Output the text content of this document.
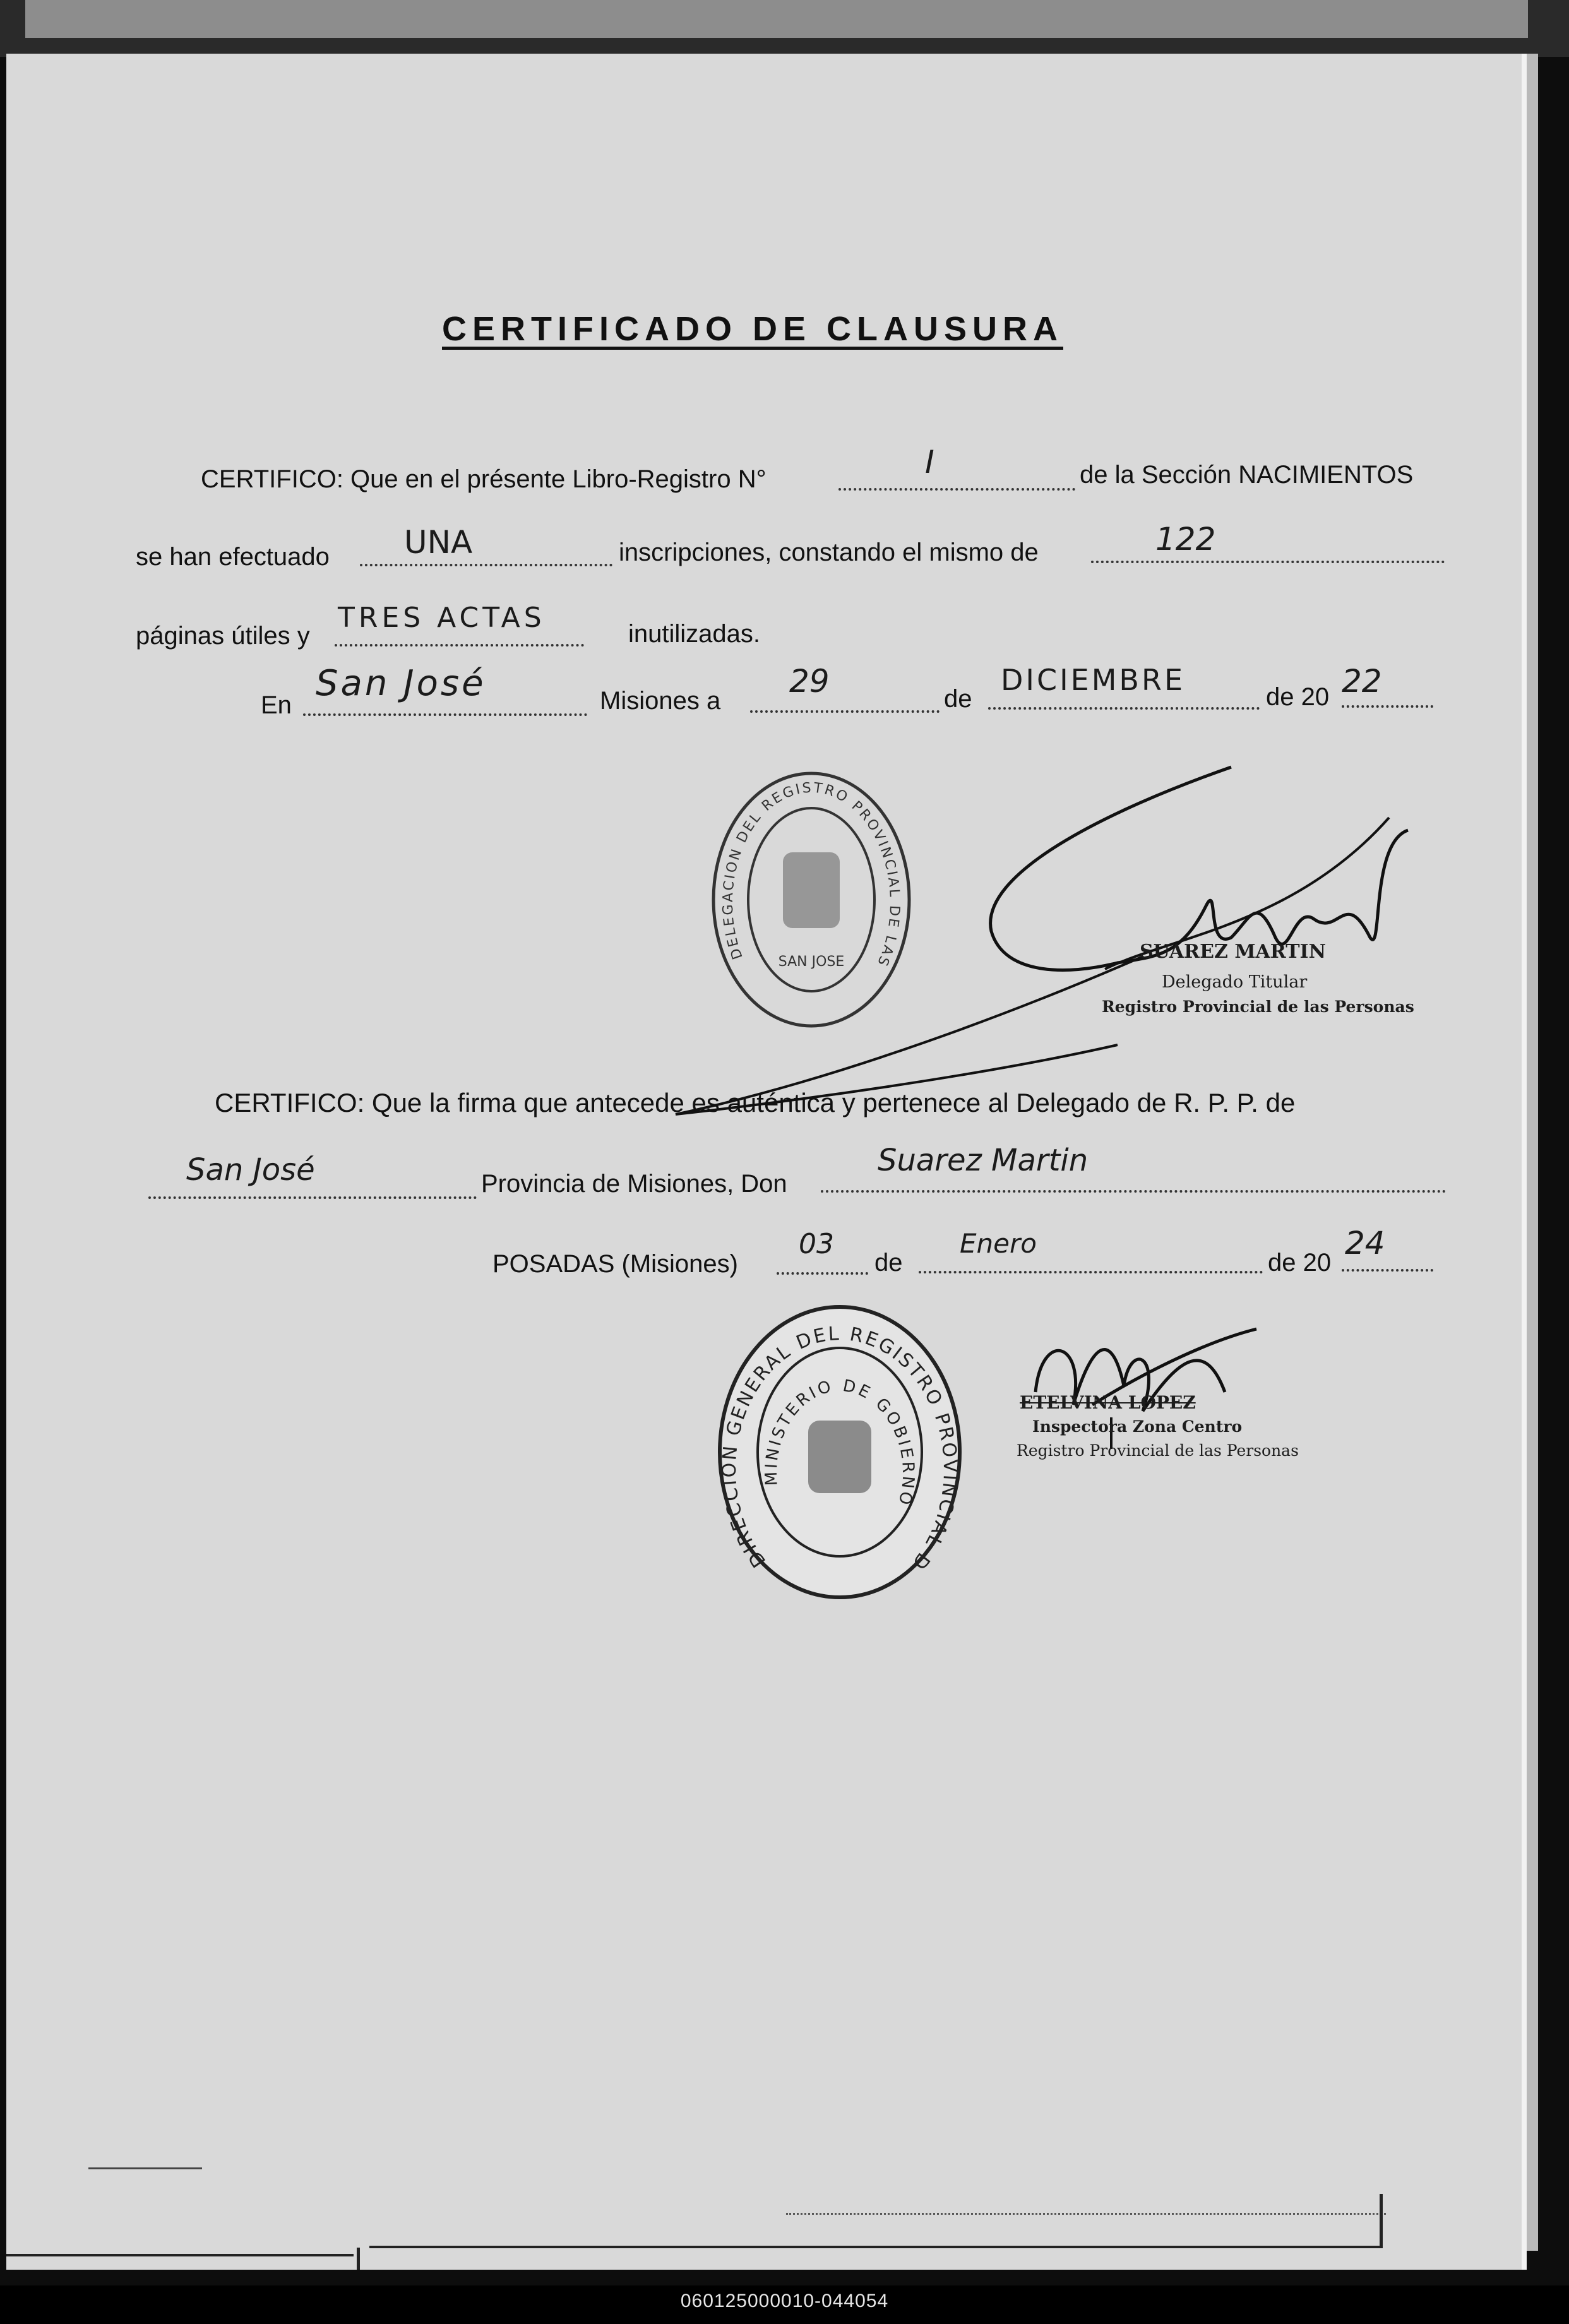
CERTIFICADO DE CLAUSURA
CERTIFICO: Que en el présente Libro-Registro N°	I	de la Sección NACIMIENTOS
se han efectuado UNA	inscripciones, constando el mismo de	122
páginas útiles y
TRES ACTAS	inutilizadas.
En
San José	Misiones a
29	de
DICIEMBRE	de 20 22
DELEGACION DEL REGISTRO PROVINCIAL DE LAS PERSONAS
SAN JOSE	SUAREZ MARTIN
Delegado Titular
Registro Provincial de las Personas
CERTIFICO: Que la firma que antecede es auténtica y pertenece al Delegado de R. P. P. de
San José	Provincia de Misiones, Don
Suarez Martin
POSADAS (Misiones)
03
de
Enero
de 20
24
DIRECCION GENERAL DEL REGISTRO PROVINCIAL DE LAS PERSONAS
MINISTERIO DE GOBIERNO
ETELVINA LOPEZ
Inspectora Zona Centro
Registro Provincial de las Personas
060125000010-044054
